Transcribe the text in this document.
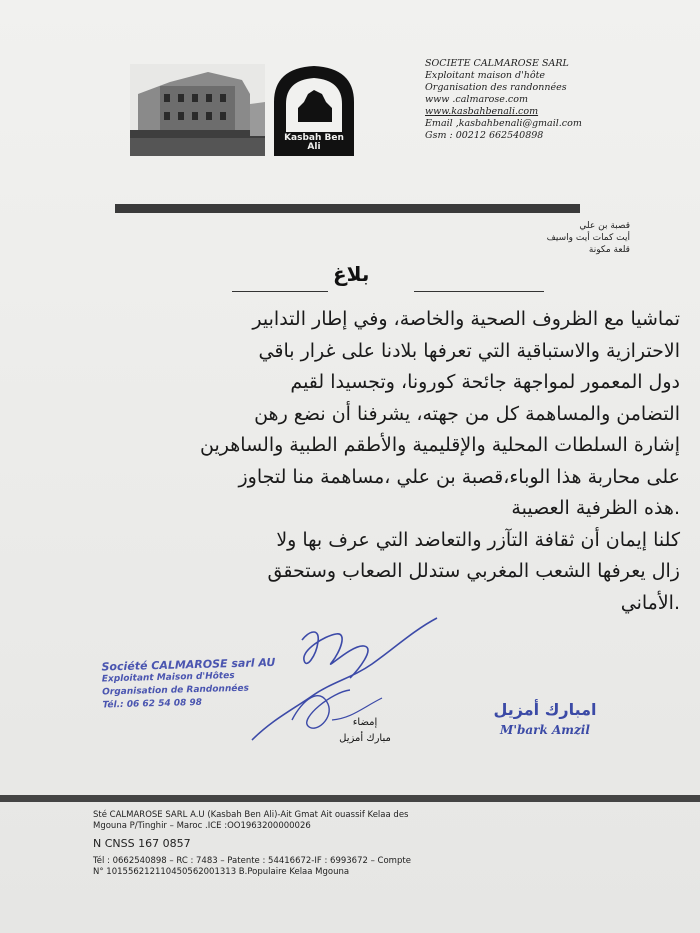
Kasbah Ben Ali
SOCIETE CALMAROSE SARL
Exploitant maison d'hôte
Organisation des randonnées
www .calmarose.com
www.kasbahbenali.com
Email ,kasbahbenali@gmail.com
Gsm : 00212 662540898
قصبة بن علي
أيت كمات أيت واسيف
قلعة مكونة
بلاغ
تماشيا مع الظروف الصحية والخاصة، وفي إطار التدابير
الاحترازية والاستباقية التي تعرفها بلادنا على غرار باقي
دول المعمور لمواجهة جائحة كورونا، وتجسيدا لقيم
التضامن والمساهمة كل من جهته، يشرفنا أن نضع رهن
إشارة السلطات المحلية والإقليمية والأطقم الطبية والساهرين
على محاربة هذا الوباء،قصبة بن علي ،مساهمة منا لتجاوز
.هذه الظرفية العصيبة
كلنا إيمان أن ثقافة التآزر والتعاضد التي عرف بها ولا
زال يعرفها الشعب المغربي ستدلل الصعاب وستحقق
.الأماني
Société CALMAROSE sarl AU
Exploitant Maison d'Hôtes
Organisation de Randonnées
Tél.: 06 62 54 08 98
إمضاء
مبارك أمزيل
امبارك أمزيل
M'bark Amzil
Sté CALMAROSE SARL A.U (Kasbah Ben Ali)-Ait Gmat Ait ouassif Kelaa des
Mgouna P/Tinghir – Maroc .ICE :OO1963200000026
N CNSS 167 0857
Tél : 0662540898 – RC : 7483 – Patente : 54416672-IF : 6993672 – Compte
N° 101556212110450562001313 B.Populaire Kelaa Mgouna
